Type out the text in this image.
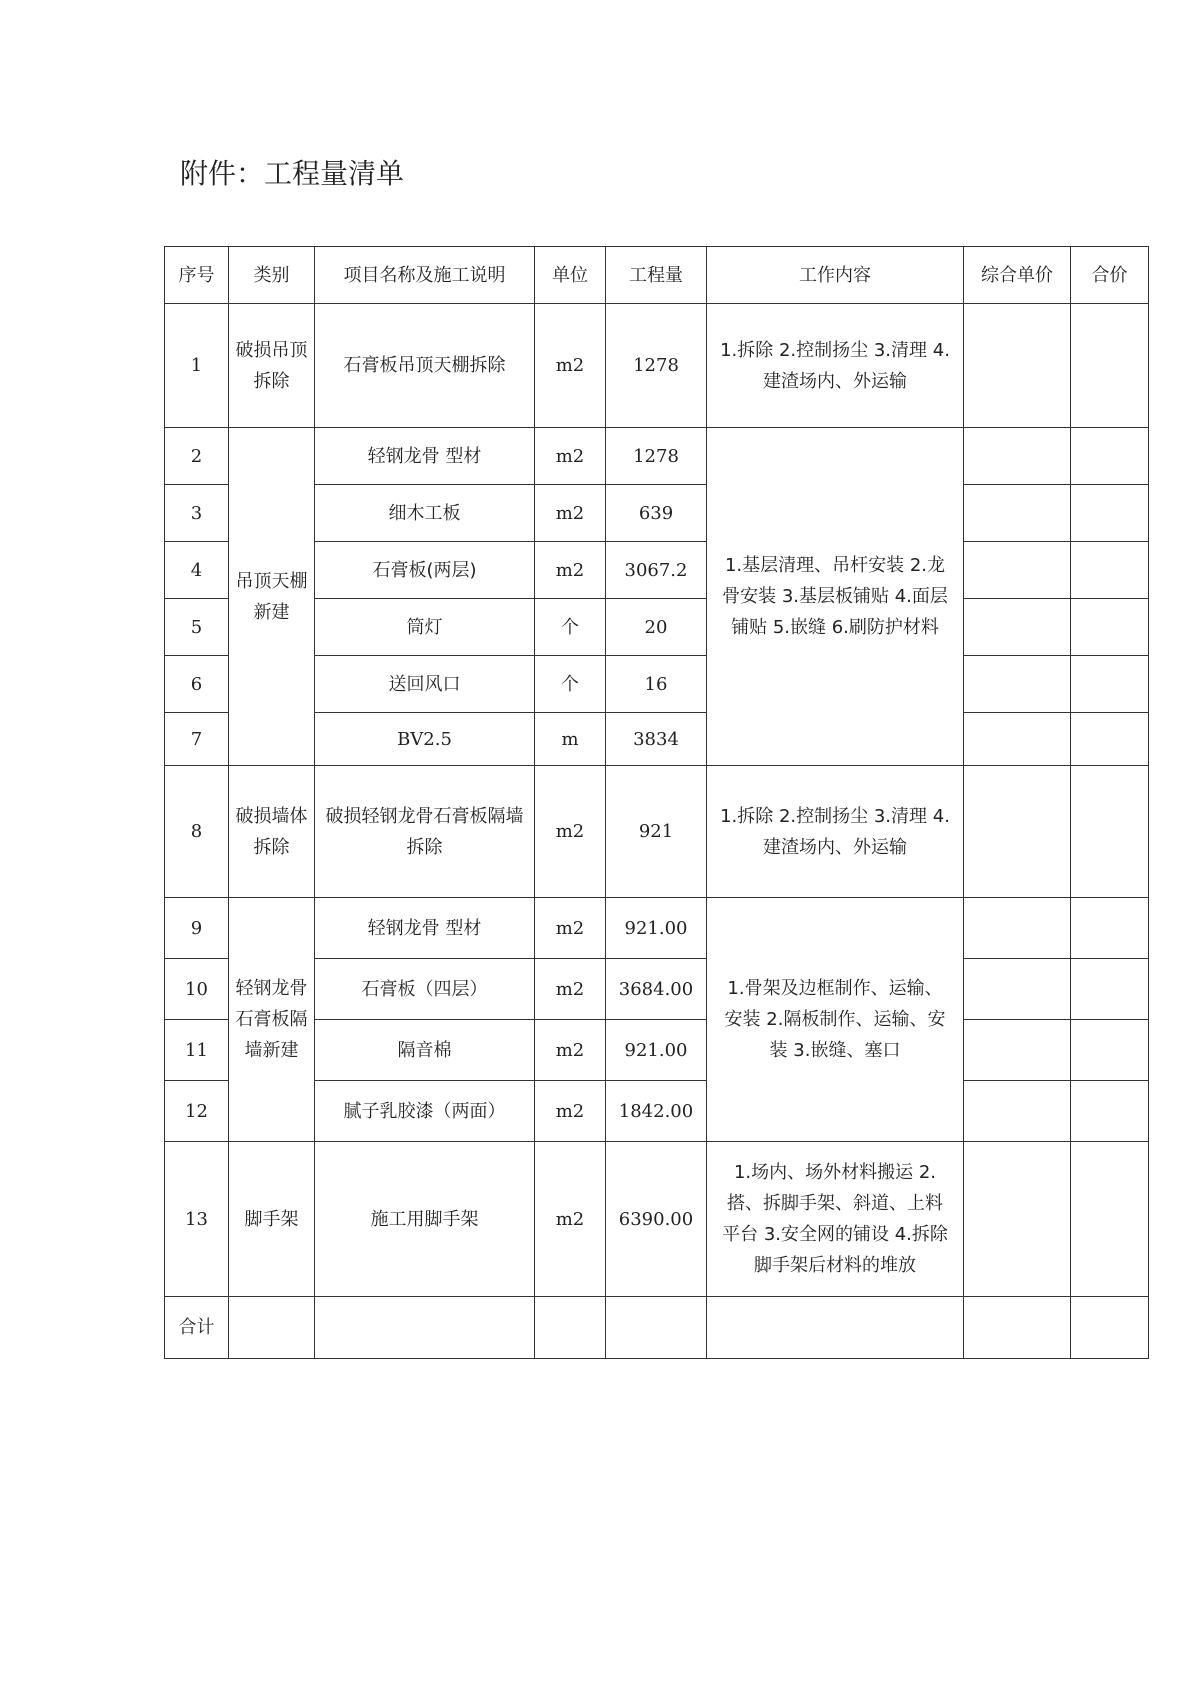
附件：工程量清单
序号	类别	项目名称及施工说明	单位	工程量	工作内容	综合单价	合价
1	破损吊顶拆除	石膏板吊顶天棚拆除	m2	1278	1.拆除 2.控制扬尘 3.清理 4.建渣场内、外运输		
2	吊顶天棚新建	轻钢龙骨 型材	m2	1278	1.基层清理、吊杆安装 2.龙骨安装 3.基层板铺贴 4.面层铺贴 5.嵌缝 6.刷防护材料		
3		细木工板	m2	639			
4		石膏板(两层)	m2	3067.2			
5		筒灯	个	20			
6		送回风口	个	16			
7		BV2.5	m	3834			
8	破损墙体拆除	破损轻钢龙骨石膏板隔墙拆除	m2	921	1.拆除 2.控制扬尘 3.清理 4.建渣场内、外运输		
9	轻钢龙骨石膏板隔墙新建	轻钢龙骨 型材	m2	921.00	1.骨架及边框制作、运输、安装 2.隔板制作、运输、安装 3.嵌缝、塞口		
10		石膏板（四层）	m2	3684.00			
11		隔音棉	m2	921.00			
12		腻子乳胶漆（两面）	m2	1842.00			
13	脚手架	施工用脚手架	m2	6390.00	1.场内、场外材料搬运 2.搭、拆脚手架、斜道、上料平台 3.安全网的铺设 4.拆除脚手架后材料的堆放		
合计							
